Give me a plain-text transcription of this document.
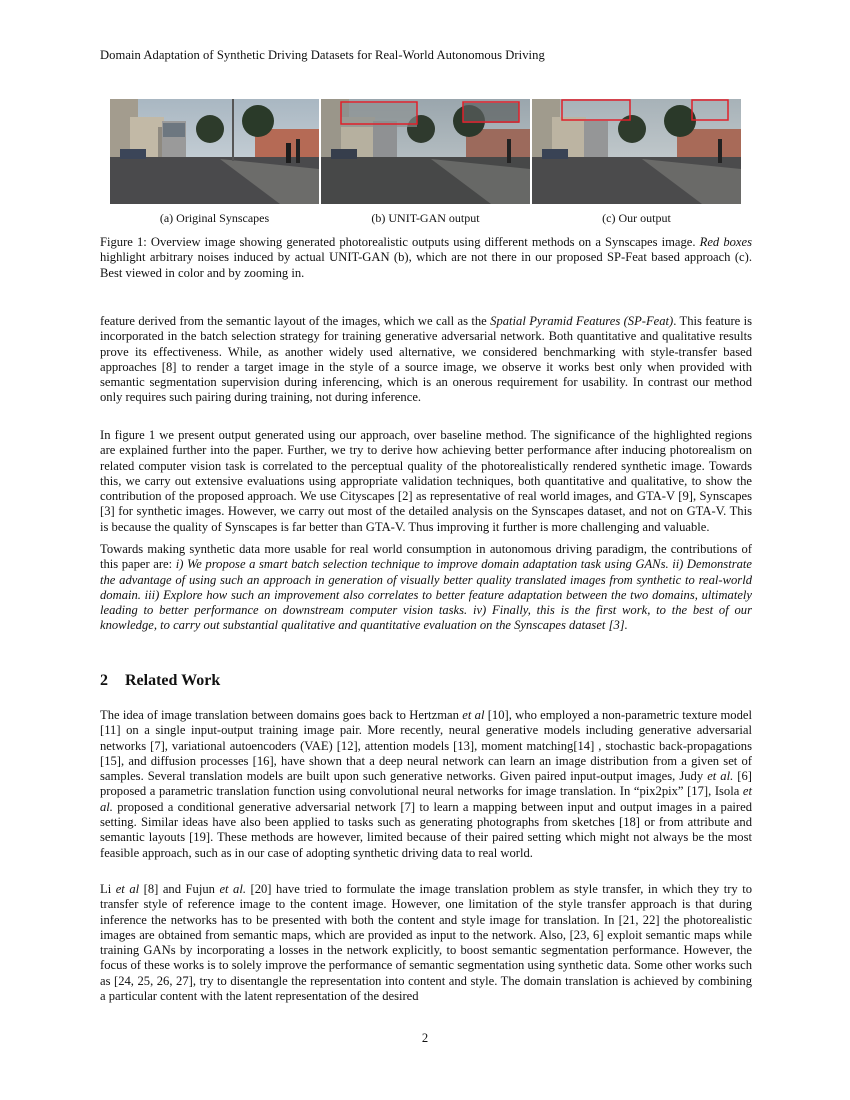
Domain Adaptation of Synthetic Driving Datasets for Real-World Autonomous Driving
(a) Original Synscapes	(b) UNIT-GAN output	(c) Our output
Figure 1: Overview image showing generated photorealistic outputs using different methods on a Synscapes image. Red boxes highlight arbitrary noises induced by actual UNIT-GAN (b), which are not there in our proposed SP-Feat based approach (c). Best viewed in color and by zooming in.

feature derived from the semantic layout of the images, which we call as the Spatial Pyramid Features (SP-Feat). This feature is incorporated in the batch selection strategy for training generative adversarial network. Both quantitative and qualitative results prove its effectiveness. While, as another widely used alternative, we considered benchmarking with style-transfer based approaches [8] to render a target image in the style of a source image, we observe it works best only when provided with semantic segmentation supervision during inferencing, which is an onerous requirement for usability. In contrast our method only requires such pairing during training, not during inference.

In figure 1 we present output generated using our approach, over baseline method. The significance of the highlighted regions are explained further into the paper. Further, we try to derive how achieving better performance after inducing photorealism on related computer vision task is correlated to the perceptual quality of the photorealistically rendered synthetic image. Towards this, we carry out extensive evaluations using appropriate validation techniques, both quantitative and qualitative, to show the contribution of the proposed approach. We use Cityscapes [2] as representative of real world images, and GTA-V [9], Synscapes [3] for synthetic images. However, we carry out most of the detailed analysis on the Synscapes dataset, and not on GTA-V. This is because the quality of Synscapes is far better than GTA-V. Thus improving it further is more challenging and valuable.

Towards making synthetic data more usable for real world consumption in autonomous driving paradigm, the contributions of this paper are: i) We propose a smart batch selection technique to improve domain adaptation task using GANs. ii) Demonstrate the advantage of using such an approach in generation of visually better quality translated images from synthetic to real-world domain. iii) Explore how such an improvement also correlates to better feature adaptation between the two domains, ultimately leading to better performance on downstream computer vision tasks. iv) Finally, this is the first work, to the best of our knowledge, to carry out substantial qualitative and quantitative evaluation on the Synscapes dataset [3].

2 Related Work

The idea of image translation between domains goes back to Hertzman et al [10], who employed a non-parametric texture model [11] on a single input-output training image pair. More recently, neural generative models including generative adversarial networks [7], variational autoencoders (VAE) [12], attention models [13], moment matching[14] , stochastic back-propagations [15], and diffusion processes [16], have shown that a deep neural network can learn an image distribution from a given set of samples. Several translation models are built upon such generative networks. Given paired input-output images, Judy et al. [6] proposed a parametric translation function using convolutional neural networks for image translation. In “pix2pix” [17], Isola et al. proposed a conditional generative adversarial network [7] to learn a mapping between input and output images in a paired setting. Similar ideas have also been applied to tasks such as generating photographs from sketches [18] or from attribute and semantic layouts [19]. These methods are however, limited because of their paired setting which might not always be the most feasible approach, such as in our case of adopting synthetic driving data to real world.

Li et al [8] and Fujun et al. [20] have tried to formulate the image translation problem as style transfer, in which they try to transfer style of reference image to the content image. However, one limitation of the style transfer approach is that during inference the networks has to be presented with both the content and style image for translation. In [21, 22] the photorealistic images are obtained from semantic maps, which are provided as input to the network. Also, [23, 6] exploit semantic maps while training GANs by incorporating a losses in the network explicitly, to boost semantic segmentation performance. However, the focus of these works is to solely improve the performance of semantic segmentation using synthetic data. Some other works such as [24, 25, 26, 27], try to disentangle the representation into content and style. The domain translation is achieved by combining a particular content with the latent representation of the desired

2
